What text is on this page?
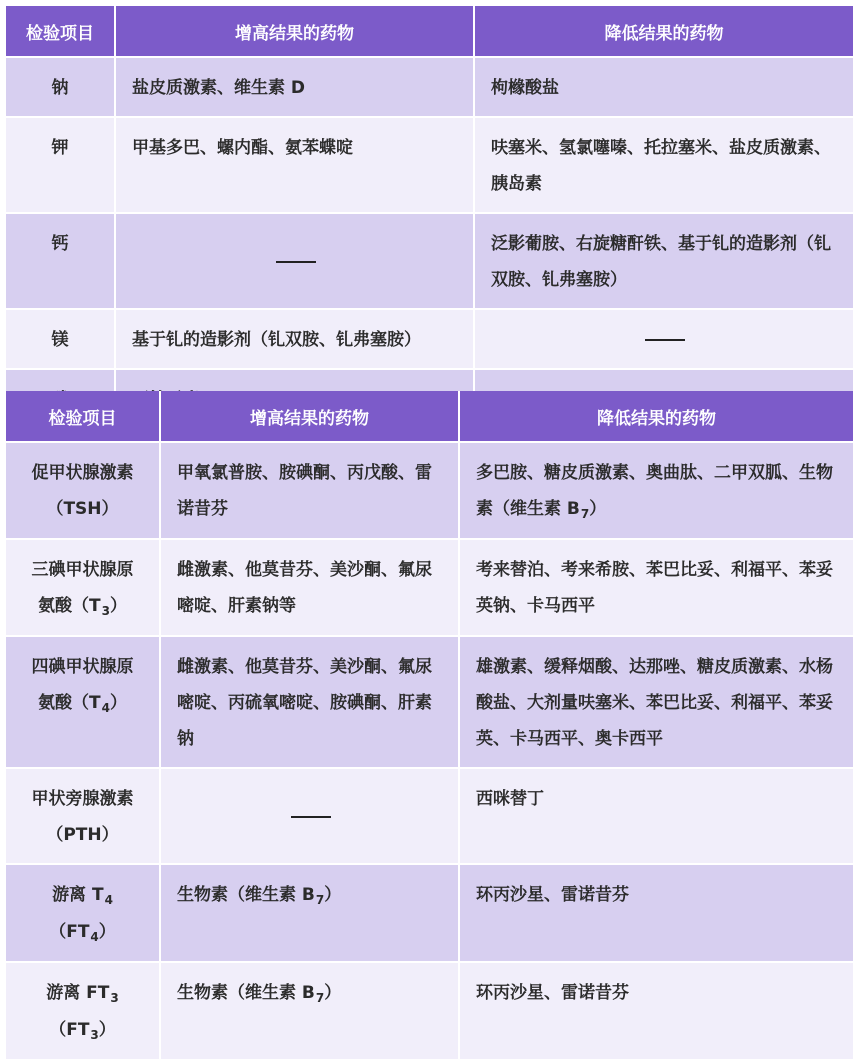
检验项目	增高结果的药物	降低结果的药物
钠	盐皮质激素、维生素 D	枸橼酸盐
钾	甲基多巴、螺内酯、氨苯蝶啶	呋塞米、氢氯噻嗪、托拉塞米、盐皮质激素、胰岛素
钙		泛影葡胺、右旋糖酐铁、基于钆的造影剂（钆双胺、钆弗塞胺）
镁	基于钆的造影剂（钆双胺、钆弗塞胺）	

检验项目	增高结果的药物	降低结果的药物

促甲状腺激素
（TSH）	甲氧氯普胺、胺碘酮、丙戊酸、雷诺昔芬	多巴胺、糖皮质激素、奥曲肽、二甲双胍、生物素（维生素 $B_7$）

三碘甲状腺原
氨酸$(T_3)$	雌激素、他莫昔芬、美沙酮、氟尿嘧啶、肝素钠等	考来替泊、考来希胺、苯巴比妥、利福平、苯妥英钠、卡马西平

四碘甲状腺原
氨酸$(T_4)$	雌激素、他莫昔芬、美沙酮、氟尿嘧啶、丙硫氧嘧啶、胺碘酮、肝素钠	雄激素、缓释烟酸、达那唑、糖皮质激素、水杨酸盐、大剂量呋塞米、苯巴比妥、利福平、苯妥英、卡马西平、奥卡西平

甲状旁腺激素
（PTH）		西咪替丁

游离 $T_4$
$(FT_4)$	生物素（维生素 $B_7$）	环丙沙星、雷诺昔芬

游离 $FT_3$
$(FT_3)$	生物素（维生素 $B_7$）	环丙沙星、雷诺昔芬
